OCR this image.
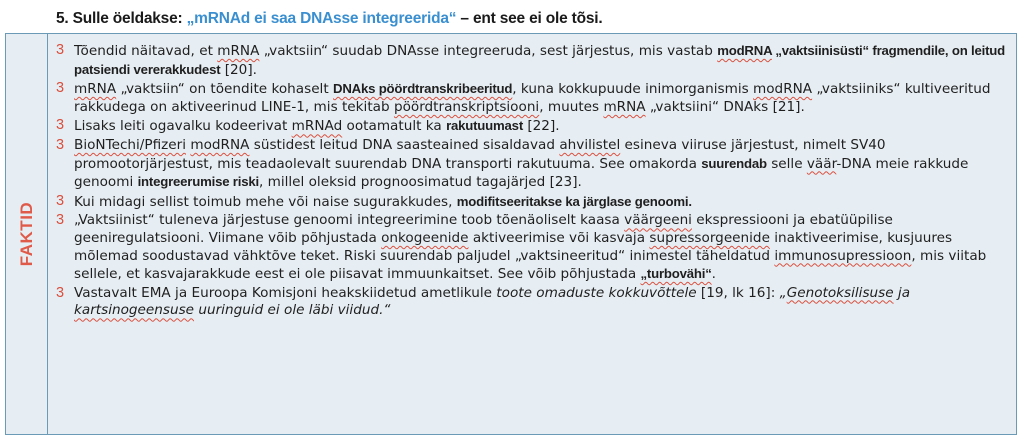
5. Sulle öeldakse: „mRNAd ei saa DNAsse integreerida“ – ent see ei ole tõsi.
FAKTID
3 Tõendid näitavad, et mRNA „vaktsiin“ suudab DNAsse integreeruda, sest järjestus, mis vastab modRNA „vaktsiinisüsti“ fragmendile, on leitud patsiendi vererakkudest [20].
3 mRNA „vaktsiin“ on tõendite kohaselt DNAks pöördtranskribeeritud, kuna kokkupuude inimorganismis modRNA „vaktsiiniks“ kultiveeritud rakkudega on aktiveerinud LINE-1, mis tekitab pöördtranskriptsiooni, muutes mRNA „vaktsiini“ DNAks [21].
3 Lisaks leiti ogavalku kodeerivat mRNAd ootamatult ka rakutuumast [22].
3 BioNTechi/Pfizeri modRNA süstidest leitud DNA saasteained sisaldavad ahvilistel esineva viiruse järjestust, nimelt SV40 promootorjärjestust, mis teadaolevalt suurendab DNA transporti rakutuuma. See omakorda suurendab selle väär-DNA meie rakkude genoomi integreerumise riski, millel oleksid prognoosimatud tagajärjed [23].
3 Kui midagi sellist toimub mehe või naise sugurakkudes, modifitseeritakse ka järglase genoomi.
3 „Vaktsiinist“ tuleneva järjestuse genoomi integreerimine toob tõenäoliselt kaasa väärgeeni ekspressiooni ja ebatüüpilise geeniregulatsiooni. Viimane võib põhjustada onkogeenide aktiveerimise või kasvaja supressorgeenide inaktiveerimise, kusjuures mõlemad soodustavad vähktõve teket. Riski suurendab paljudel „vaktsineeritud“ inimestel täheldatud immunosupressioon, mis viitab sellele, et kasvajarakkude eest ei ole piisavat immuunkaitset. See võib põhjustada „turbovähi“.
3 Vastavalt EMA ja Euroopa Komisjoni heakskiidetud ametlikule toote omaduste kokkuvõttele [19, lk 16]: „Genotoksilisuse ja kartsinogeensuse uuringuid ei ole läbi viidud.“
